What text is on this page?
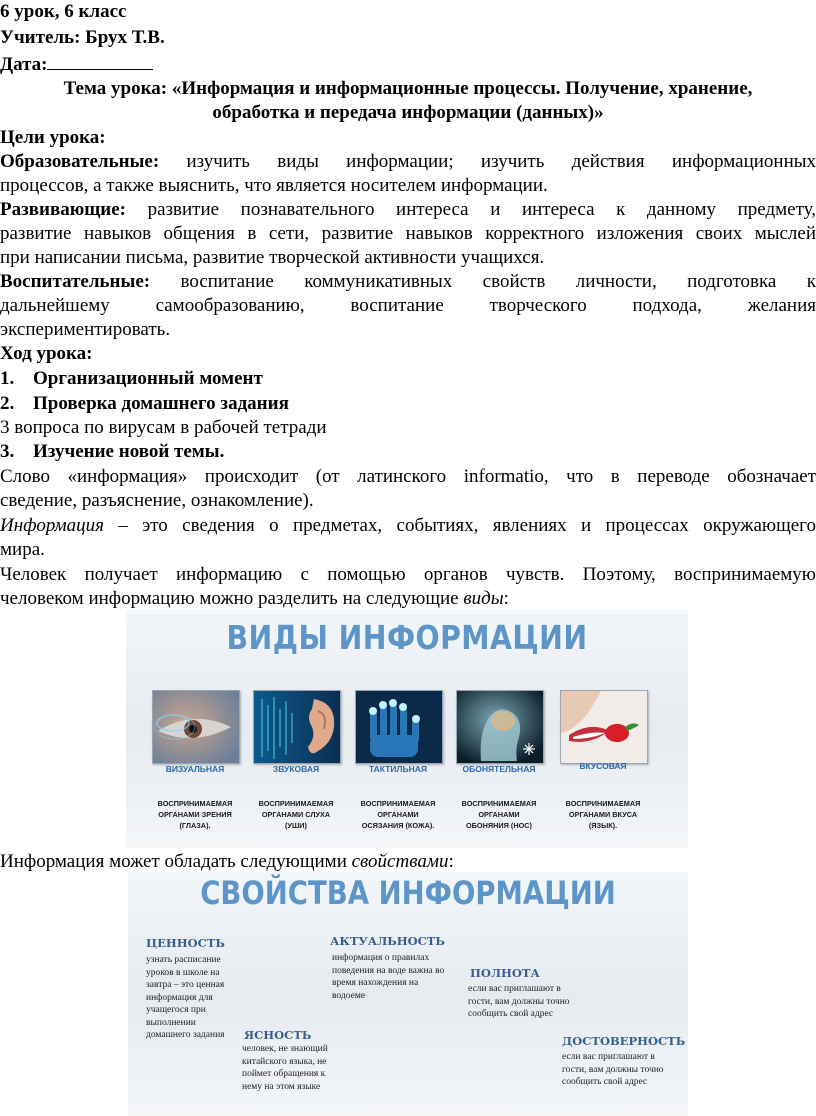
6 урок, 6 класс
Учитель: Брух Т.В.
Дата:
Тема урока: «Информация и информационные процессы. Получение, хранение,
обработка и передача информации (данных)»
Цели урока:
Образовательные: изучить виды информации; изучить действия информационных
процессов, а также выяснить, что является носителем информации.
Развивающие: развитие познавательного интереса и интереса к данному предмету,
развитие навыков общения в сети, развитие навыков корректного изложения своих мыслей
при написании письма, развитие творческой активности учащихся.
Воспитательные: воспитание коммуникативных свойств личности, подготовка к
дальнейшему самообразованию, воспитание творческого подхода, желания
экспериментировать.
Ход урока:
1. Организационный момент
2. Проверка домашнего задания
3 вопроса по вирусам в рабочей тетради
3. Изучение новой темы.
Слово «информация» происходит (от латинского informatio, что в переводе обозначает
сведение, разъяснение, ознакомление).
Информация – это сведения о предметах, событиях, явлениях и процессах окружающего
мира.
Человек получает информацию с помощью органов чувств. Поэтому, воспринимаемую
человеком информацию можно разделить на следующие виды:
ВИДЫ ИНФОРМАЦИИ
ВИЗУАЛЬНАЯ	ЗВУКОВАЯ	ТАКТИЛЬНАЯ	ОБОНЯТЕЛЬНАЯ	ВКУСОВАЯ
ВОСПРИНИМАЕМАЯ
ОРГАНАМИ ЗРЕНИЯ
(ГЛАЗА).
ВОСПРИНИМАЕМАЯ
ОРГАНАМИ СЛУХА
(УШИ)
ВОСПРИНИМАЕМАЯ
ОРГАНАМИ
ОСЯЗАНИЯ (КОЖА).
ВОСПРИНИМАЕМАЯ
ОРГАНАМИ
ОБОНЯНИЯ (НОС)
ВОСПРИНИМАЕМАЯ
ОРГАНАМИ ВКУСА
(ЯЗЫК).
Информация может обладать следующими свойствами:
СВОЙСТВА ИНФОРМАЦИИ
ЦЕННОСТЬ
узнать расписание
уроков в школе на
завтра – это ценная
информация для
учащегося при
выполнении
домашнего задания
АКТУАЛЬНОСТЬ
информация о правилах
поведения на воде важна во
время нахождения на
водоеме
ПОЛНОТА
если вас приглашают в
гости, вам должны точно
сообщить свой адрес
ЯСНОСТЬ
человек, не знающий
китайского языка, не
поймет обращения к
нему на этом языке
ДОСТОВЕРНОСТЬ
если вас приглашают в
гости, вам должны точно
сообщить свой адрес
